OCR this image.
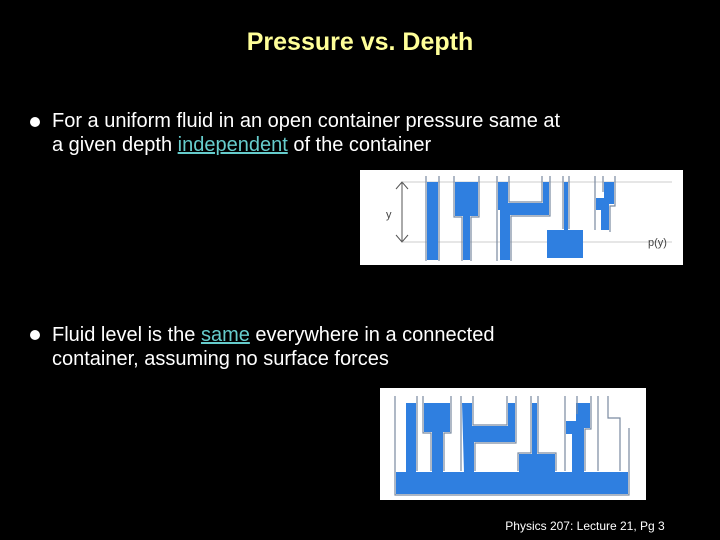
Pressure vs. Depth
For a uniform fluid in an open container pressure same at
a given depth independent of the container
y
p(y)
Fluid level is the same everywhere in a connected
container, assuming no surface forces
Physics 207: Lecture 21, Pg 3
